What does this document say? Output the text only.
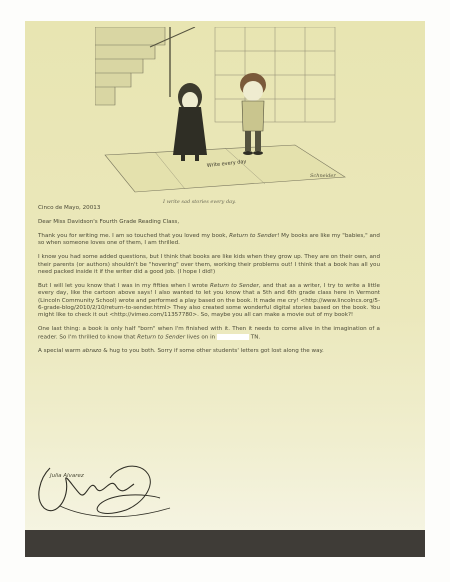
Write every day
Schneider
I write sad stories every day.

Cinco de Mayo, 20013

Dear Miss Davidson's Fourth Grade Reading Class,

Thank you for writing me. I am so touched that you loved my book, Return to Sender! My books are like my "babies," and so when someone loves one of them, I am thrilled.

I know you had some added questions, but I think that books are like kids when they grow up. They are on their own, and their parents (or authors) shouldn't be "hovering" over them, working their problems out! I think that a book has all you need packed inside it if the writer did a good job. (I hope I did!)

But I will let you know that I was in my fifties when I wrote Return to Sender, and that as a writer, I try to write a little every day, like the cartoon above says! I also wanted to let you know that a 5th and 6th grade class here in Vermont (Lincoln Community School) wrote and performed a play based on the book. It made me cry! <http://www.lincolncs.org/5-6-grade-blog/2010/2/10/return-to-sender.html> They also created some wonderful digital stories based on the book. You might like to check it out <http://vimeo.com/11357780>. So, maybe you all can make a movie out of my book?!

One last thing: a book is only half "born" when I'm finished with it. Then it needs to come alive in the imagination of a reader. So I'm thrilled to know that Return to Sender lives on in	TN.

A special warm abrazo & hug to you both. Sorry if some other students' letters got lost along the way.

Julia Alvarez
